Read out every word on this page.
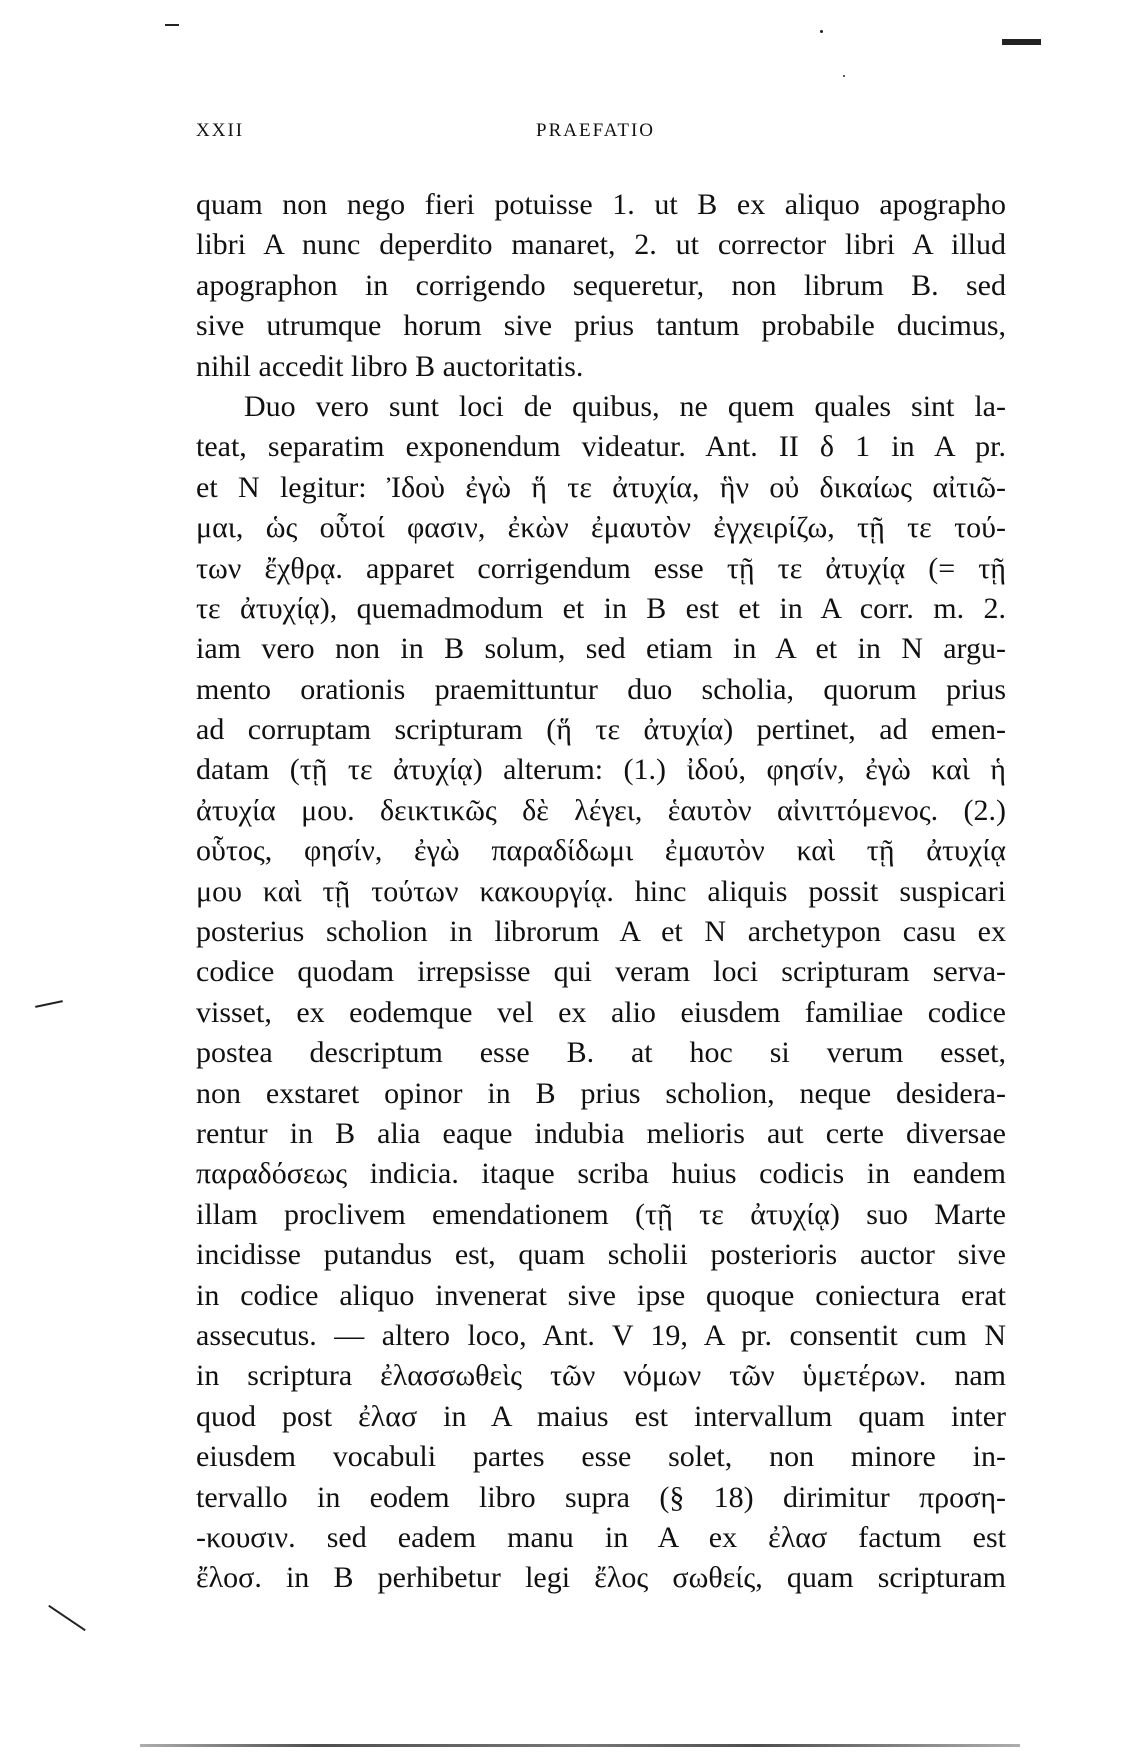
XXII	PRAEFATIO
▬▬
quam non nego fieri potuisse 1. ut B ex aliquo apographo
libri A nunc deperdito manaret, 2. ut corrector libri A illud
apographon in corrigendo sequeretur, non librum B. sed
sive utrumque horum sive prius tantum probabile ducimus,
nihil accedit libro B auctoritatis.
Duo vero sunt loci de quibus, ne quem quales sint la-
teat, separatim exponendum videatur. Ant. II δ 1 in A pr.
et N legitur: Ἰδοὺ ἐγὼ ἥ τε ἀτυχία, ἣν οὐ δικαίως αἰτιῶ-
μαι, ὡς οὗτοί φασιν, ἐκὼν ἐμαυτὸν ἐγχειρίζω, τῇ τε τού-
των ἔχθρᾳ. apparet corrigendum esse τῇ τε ἀτυχίᾳ (= τῇ
τε ἀτυχίᾳ), quemadmodum et in B est et in A corr. m. 2.
iam vero non in B solum, sed etiam in A et in N argu-
mento orationis praemittuntur duo scholia, quorum prius
ad corruptam scripturam (ἥ τε ἀτυχία) pertinet, ad emen-
datam (τῇ τε ἀτυχίᾳ) alterum: (1.) ἰδού, φησίν, ἐγὼ καὶ ἡ
ἀτυχία μου. δεικτικῶς δὲ λέγει, ἑαυτὸν αἰνιττόμενος. (2.)
οὗτος, φησίν, ἐγὼ παραδίδωμι ἐμαυτὸν καὶ τῇ ἀτυχίᾳ
μου καὶ τῇ τούτων κακουργίᾳ. hinc aliquis possit suspicari
posterius scholion in librorum A et N archetypon casu ex
codice quodam irrepsisse qui veram loci scripturam serva-
visset, ex eodemque vel ex alio eiusdem familiae codice
postea descriptum esse B. at hoc si verum esset,
non exstaret opinor in B prius scholion, neque desidera-
rentur in B alia eaque indubia melioris aut certe diversae
παραδόσεως indicia. itaque scriba huius codicis in eandem
illam proclivem emendationem (τῇ τε ἀτυχίᾳ) suo Marte
incidisse putandus est, quam scholii posterioris auctor sive
in codice aliquo invenerat sive ipse quoque coniectura erat
assecutus. — altero loco, Ant. V 19, A pr. consentit cum N
in scriptura ἐλασσωθεὶς τῶν νόμων τῶν ὑμετέρων. nam
quod post ἐλασ in A maius est intervallum quam inter
eiusdem vocabuli partes esse solet, non minore in-
tervallo in eodem libro supra (§ 18) dirimitur προση-
-κουσιν. sed eadem manu in A ex ἐλασ factum est
ἔλοσ. in B perhibetur legi ἔλος σωθείς, quam scripturam
